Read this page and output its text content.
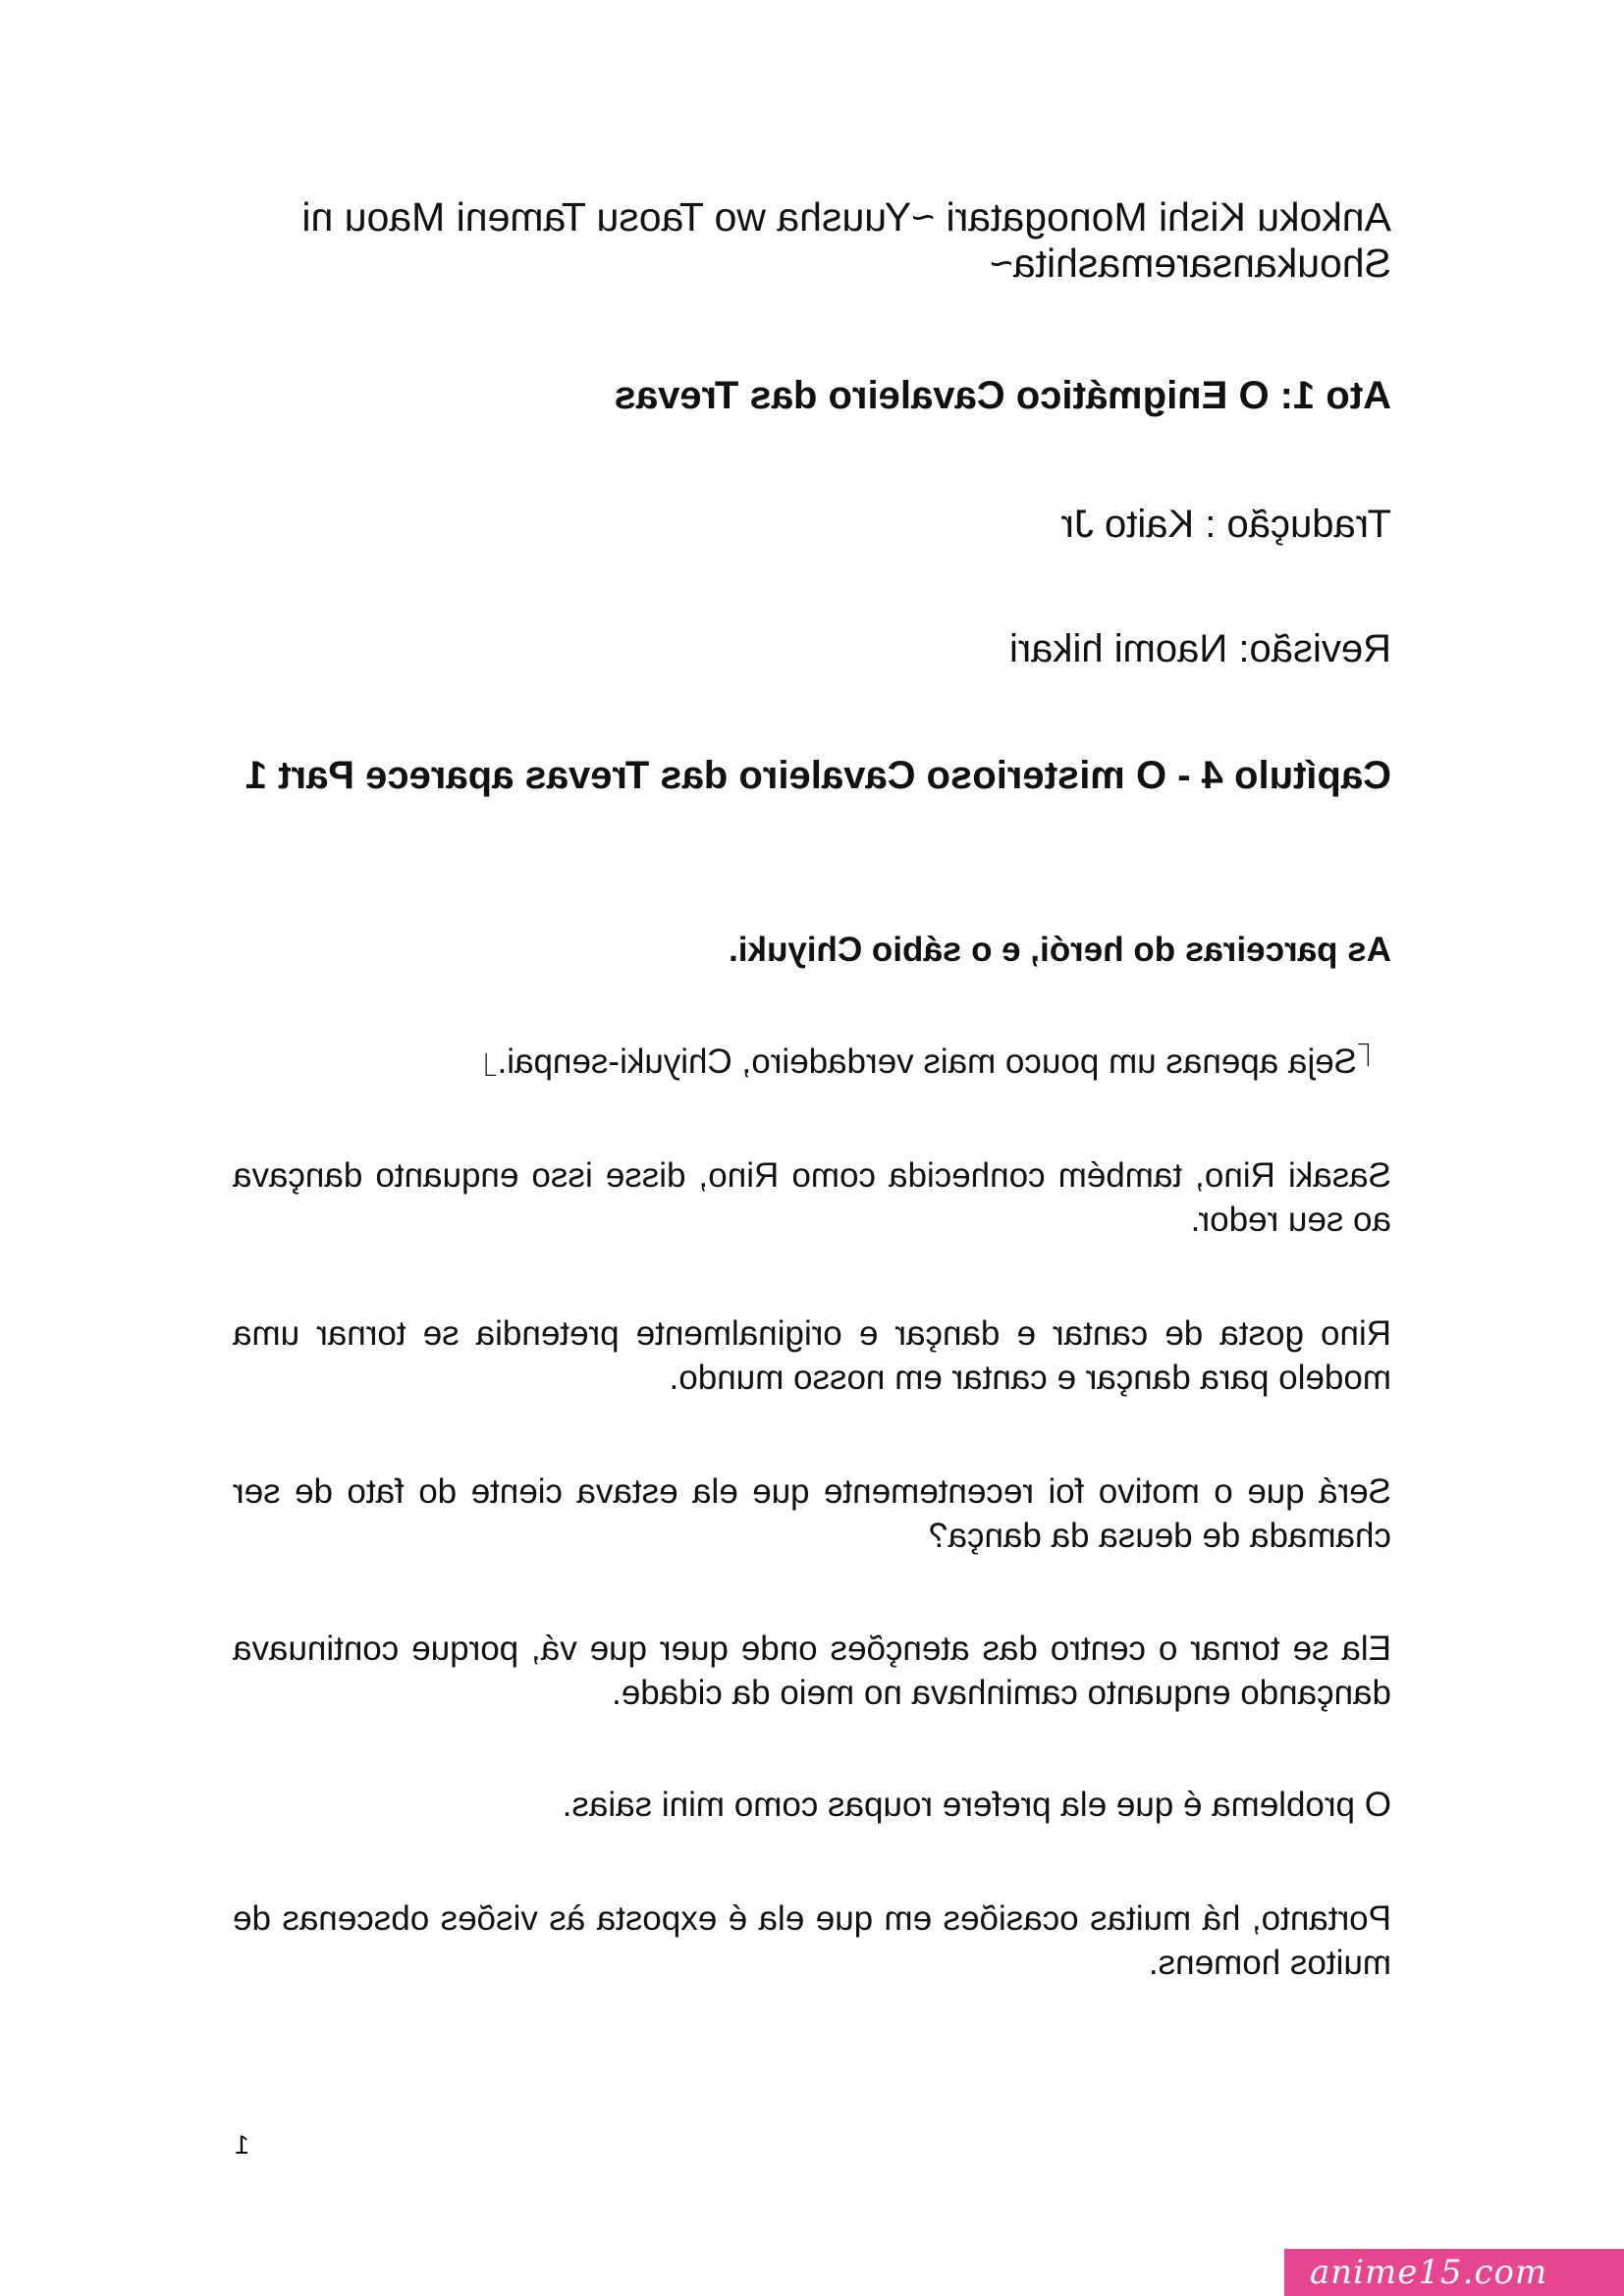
Ankoku Kishi Monogatari ~Yuusha wo Taosu Tameni Maou ni Shoukansaremashita~

Ato 1: O Enigmático Cavaleiro das Trevas

Tradução : Kaito Jr

Revisão: Naomi hikari

Capítulo 4 - O misterioso Cavaleiro das Trevas aparece Part 1

As parceiras do herói, e o sábio Chiyuki.

「Seja apenas um pouco mais verdadeiro, Chiyuki-senpai.」

Sasaki Rino, também conhecida como Rino, disse isso enquanto dançava ao seu redor.

Rino gosta de cantar e dançar e originalmente pretendia se tornar uma modelo para dançar e cantar em nosso mundo.

Será que o motivo foi recentemente que ela estava ciente do fato de ser chamada de deusa da dança?

Ela se tornar o centro das atenções onde quer que vá, porque continuava dançando enquanto caminhava no meio da cidade.

O problema é que ela prefere roupas como mini saias.

Portanto, há muitas ocasiões em que ela é exposta às visões obscenas de muitos homens.

1
anime15.com
